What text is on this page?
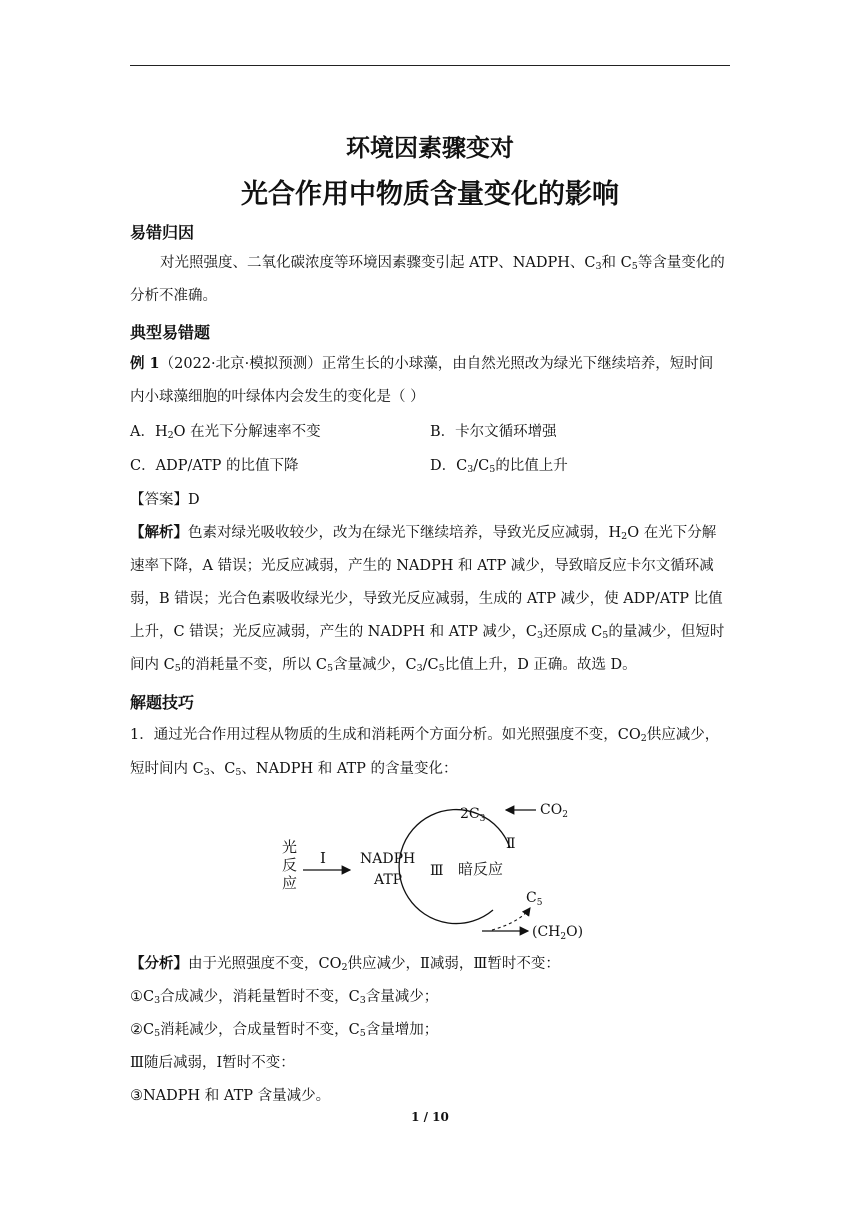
环境因素骤变对
光合作用中物质含量变化的影响
易错归因
对光照强度、二氧化碳浓度等环境因素骤变引起 ATP、NADPH、$C_3$和 $C_5$等含量变化的
分析不准确。
典型易错题
例 1（2022·北京·模拟预测）正常生长的小球藻，由自然光照改为绿光下继续培养，短时间
内小球藻细胞的叶绿体内会发生的变化是（ ）
A．$H_2O$ 在光下分解速率不变	B．卡尔文循环增强
C．ADP/ATP 的比值下降	D．$C_3/C_5$的比值上升
【答案】D
【解析】色素对绿光吸收较少，改为在绿光下继续培养，导致光反应减弱，$H_2O$ 在光下分解
速率下降，A 错误；光反应减弱，产生的 NADPH 和 ATP 减少，导致暗反应卡尔文循环减
弱，B 错误；光合色素吸收绿光少，导致光反应减弱，生成的 ATP 减少，使 ADP/ATP 比值
上升，C 错误；光反应减弱，产生的 NADPH 和 ATP 减少，$C_3$还原成 $C_5$的量减少，但短时
间内 $C_5$的消耗量不变，所以 $C_5$含量减少，$C_3/C_5$比值上升，D 正确。故选 D。
解题技巧
1．通过光合作用过程从物质的生成和消耗两个方面分析。如光照强度不变，$CO_2$供应减少，
短时间内 $C_3$、$C_5$、NADPH 和 ATP 的含量变化：
光
反
应
I NADPH
ATP
Ⅲ 暗反应
Ⅱ
$2C_3$
$CO_2$
$C_5$
$(CH_2O)$
【分析】由于光照强度不变，$CO_2$供应减少，Ⅱ减弱，Ⅲ暂时不变：
$①C_3$合成减少，消耗量暂时不变，$C_3$含量减少；
$②C_5$消耗减少，合成量暂时不变，$C_5$含量增加；
Ⅲ随后减弱，Ⅰ暂时不变：
③NADPH 和 ATP 含量减少。
1 / 10
